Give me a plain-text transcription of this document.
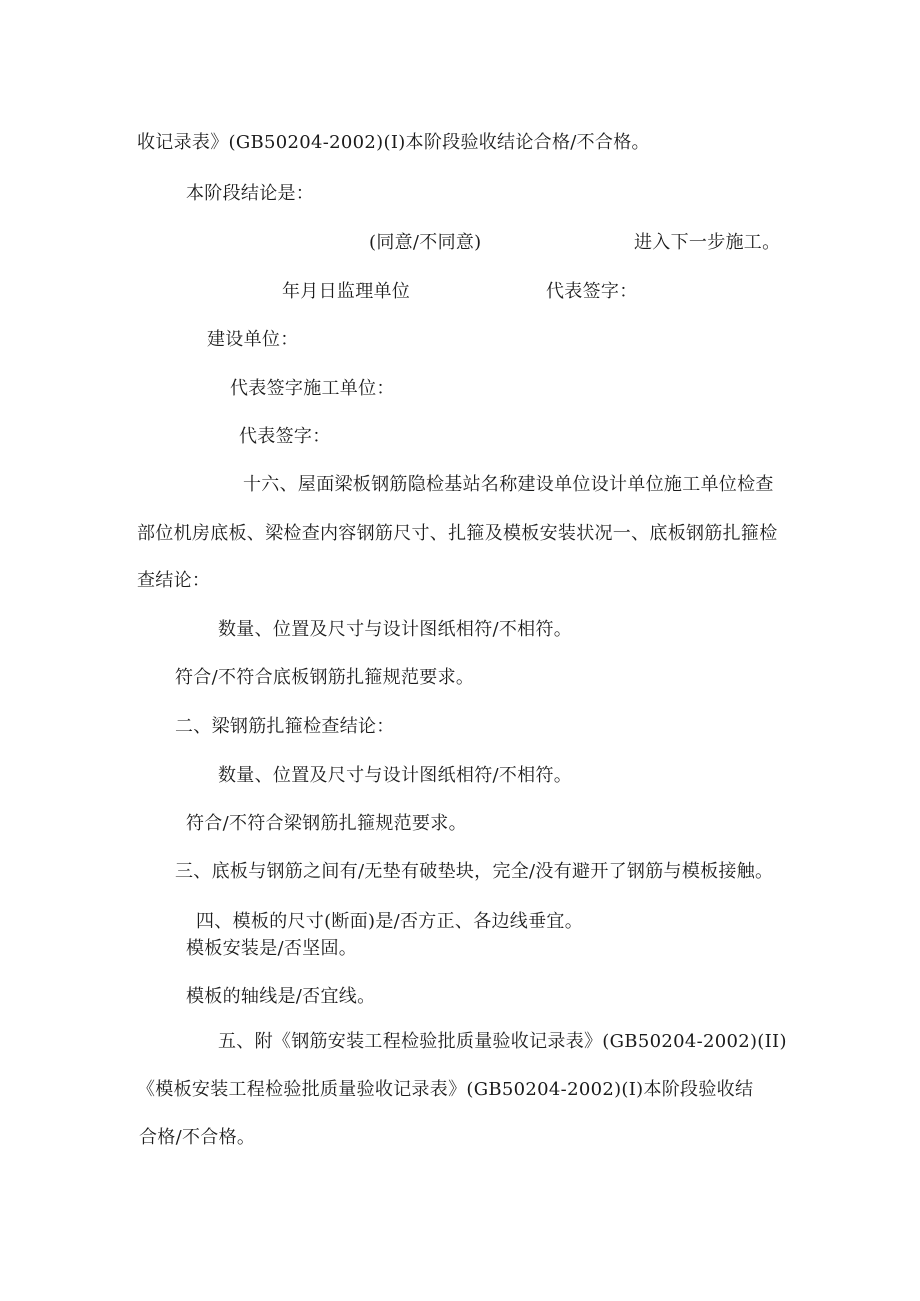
收记录表》(GB50204-2002)(I)本阶段验收结论合格/不合格。
本阶段结论是：
(同意/不同意)	进入下一步施工。
年月日监理单位	代表签字：
建设单位：
代表签字施工单位：
代表签字：
十六、屋面梁板钢筋隐检基站名称建设单位设计单位施工单位检查
部位机房底板、梁检查内容钢筋尺寸、扎箍及模板安装状况一、底板钢筋扎箍检
查结论：
数量、位置及尺寸与设计图纸相符/不相符。
符合/不符合底板钢筋扎箍规范要求。
二、梁钢筋扎箍检查结论：
数量、位置及尺寸与设计图纸相符/不相符。
符合/不符合梁钢筋扎箍规范要求。
三、底板与钢筋之间有/无垫有破垫块，完全/没有避开了钢筋与模板接触。
四、模板的尺寸(断面)是/否方正、各边线垂宜。
模板安装是/否坚固。
模板的轴线是/否宜线。
五、附《钢筋安装工程检验批质量验收记录表》(GB50204-2002)(II)
《模板安装工程检验批质量验收记录表》(GB50204-2002)(I)本阶段验收结
合格/不合格。
